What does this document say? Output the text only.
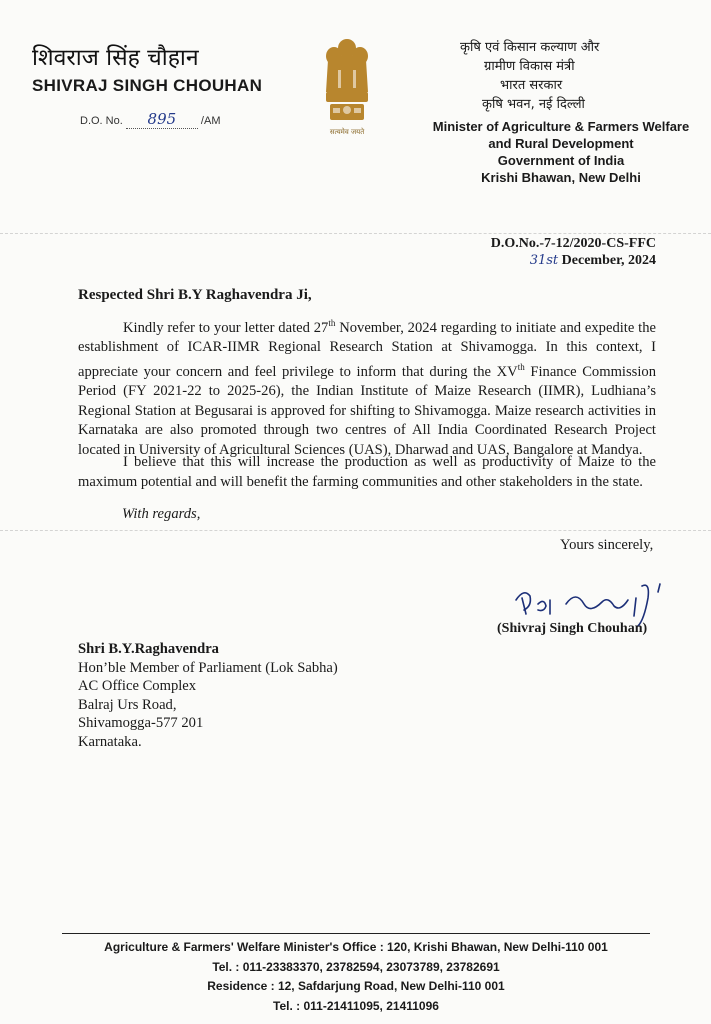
शिवराज सिंह चौहान
SHIVRAJ SINGH CHOUHAN
D.O. No. 895 /AM
सत्यमेव जयते
कृषि एवं किसान कल्याण और
ग्रामीण विकास मंत्री
भारत सरकार
कृषि भवन, नई दिल्ली
Minister of Agriculture & Farmers Welfare
and Rural Development
Government of India
Krishi Bhawan, New Delhi
D.O.No.-7-12/2020-CS-FFC
31st December, 2024
Respected Shri B.Y Raghavendra Ji,
Kindly refer to your letter dated 27th November, 2024 regarding to initiate and expedite the establishment of ICAR-IIMR Regional Research Station at Shivamogga. In this context, I appreciate your concern and feel privilege to inform that during the XVth Finance Commission Period (FY 2021-22 to 2025-26), the Indian Institute of Maize Research (IIMR), Ludhiana’s Regional Station at Begusarai is approved for shifting to Shivamogga. Maize research activities in Karnataka are also promoted through two centres of All India Coordinated Research Project located in University of Agricultural Sciences (UAS), Dharwad and UAS, Bangalore at Mandya.
I believe that this will increase the production as well as productivity of Maize to the maximum potential and will benefit the farming communities and other stakeholders in the state.
With regards,
Yours sincerely,
(Shivraj Singh Chouhan)
Shri B.Y.Raghavendra
Hon’ble Member of Parliament (Lok Sabha)
AC Office Complex
Balraj Urs Road,
Shivamogga-577 201
Karnataka.
Agriculture & Farmers' Welfare Minister's Office : 120, Krishi Bhawan, New Delhi-110 001
Tel. : 011-23383370, 23782594, 23073789, 23782691
Residence : 12, Safdarjung Road, New Delhi-110 001
Tel. : 011-21411095, 21411096
